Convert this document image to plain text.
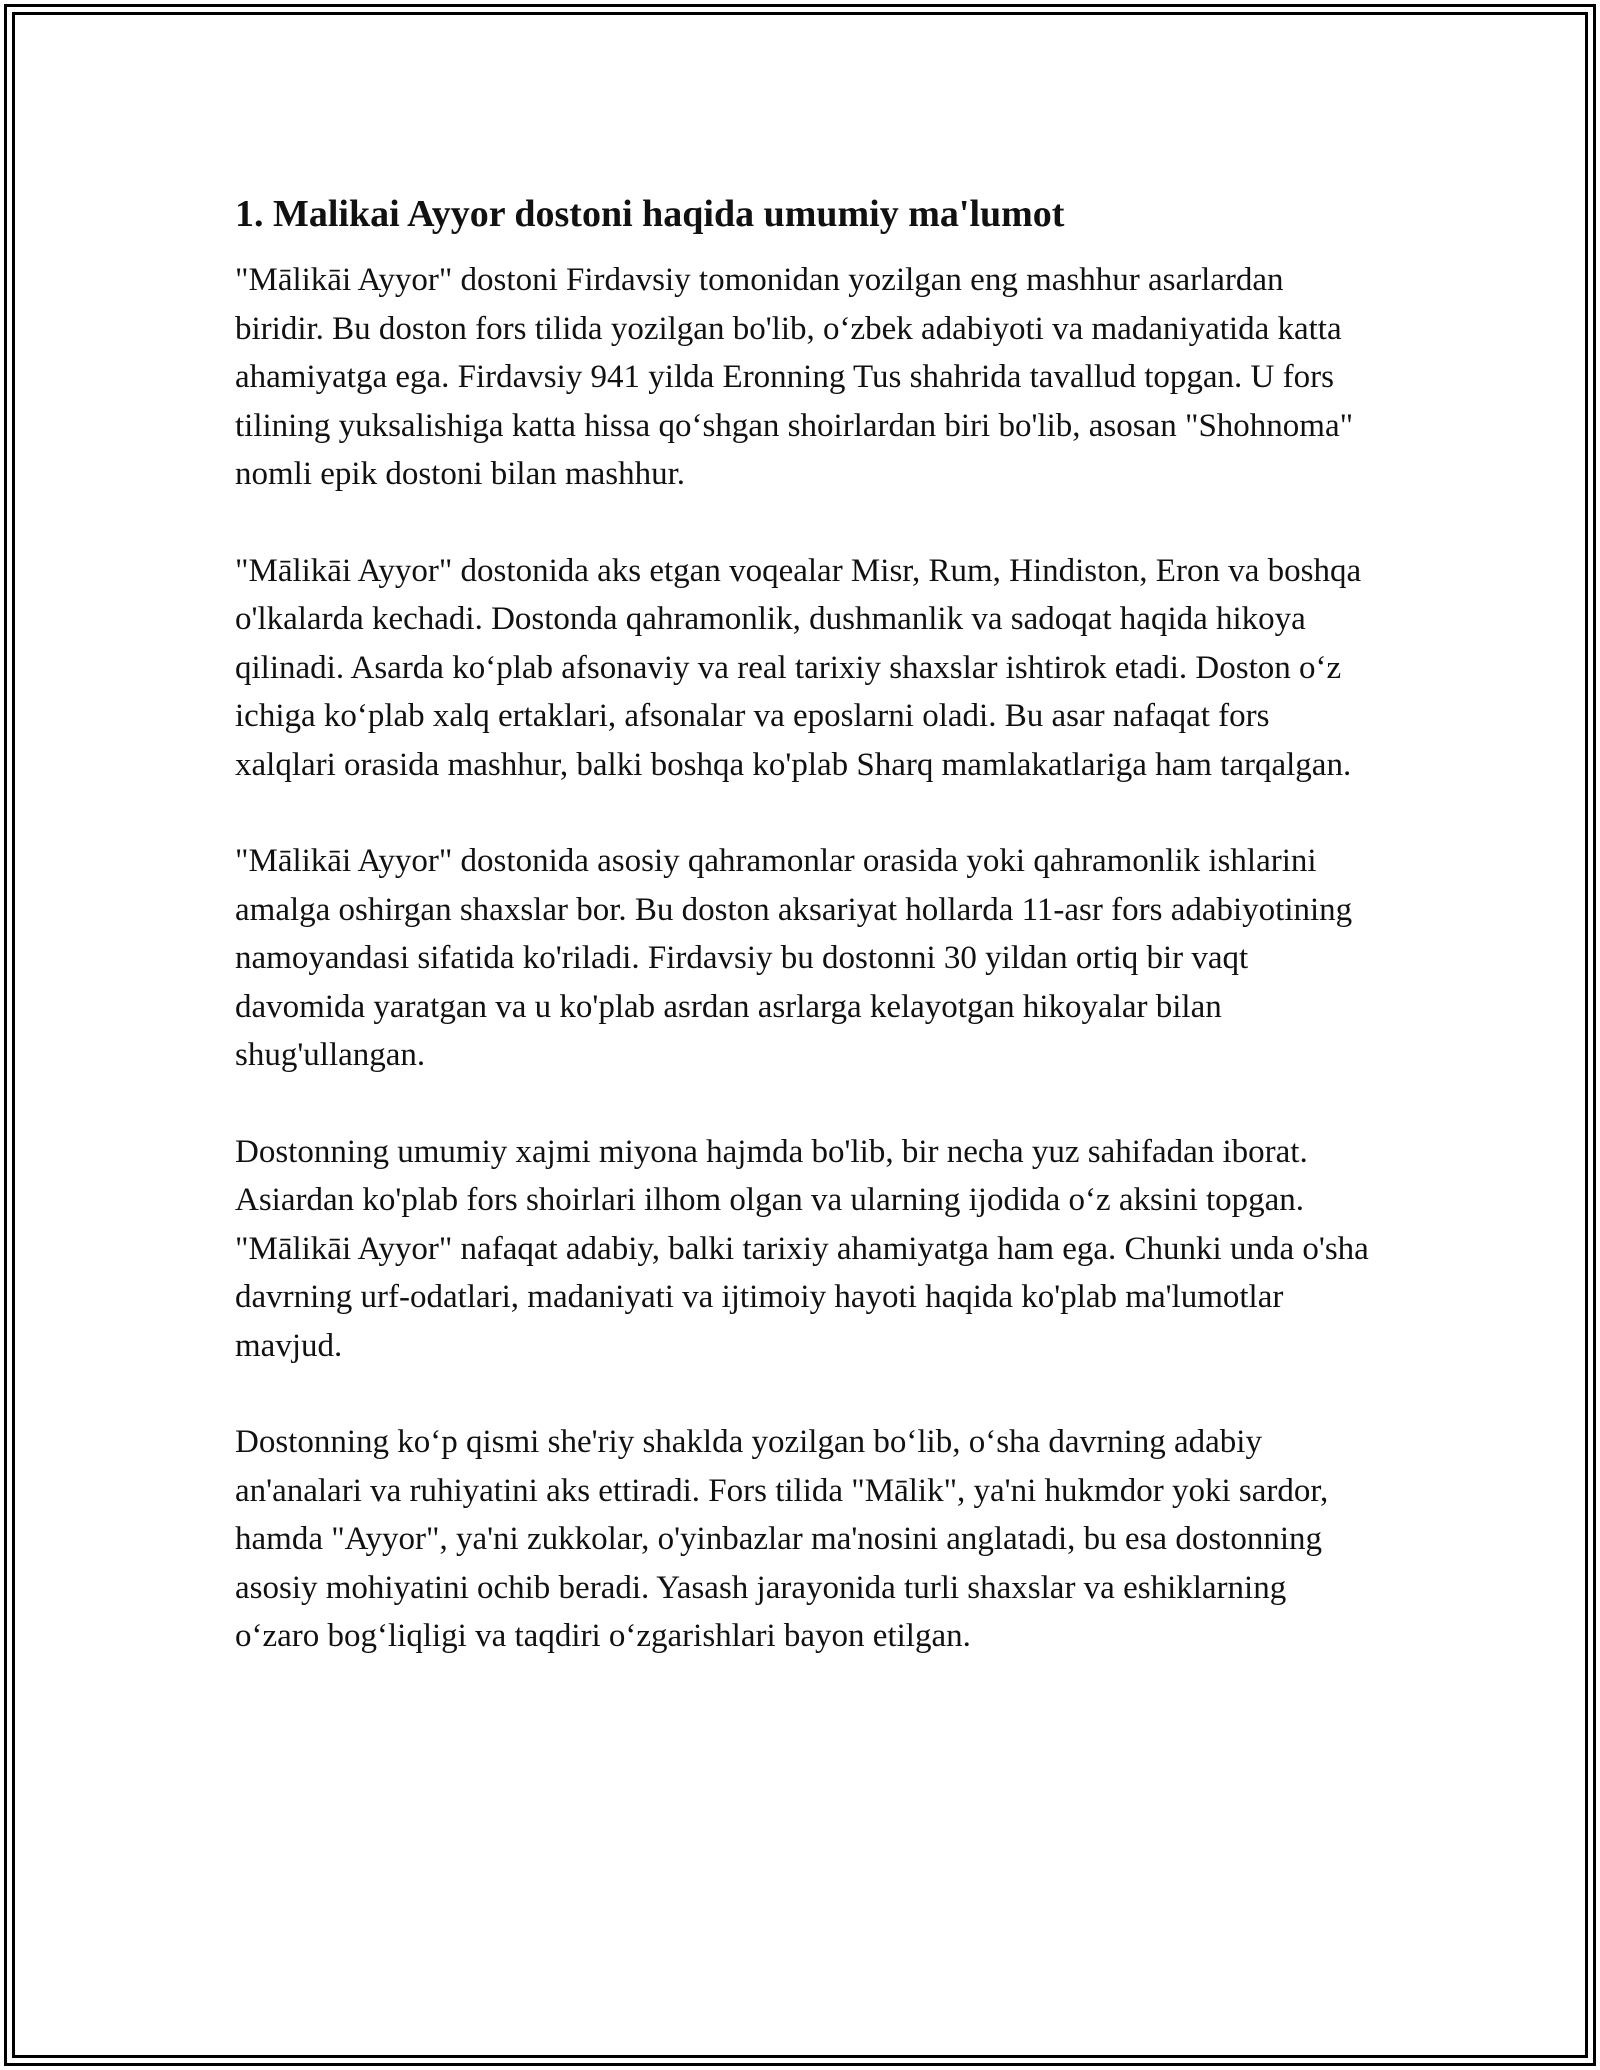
1. Malikai Ayyor dostoni haqida umumiy ma'lumot

"Mālikāi Ayyor" dostoni Firdavsiy tomonidan yozilgan eng mashhur asarlardan biridir. Bu doston fors tilida yozilgan bo'lib, o‘zbek adabiyoti va madaniyatida katta ahamiyatga ega. Firdavsiy 941 yilda Eronning Tus shahrida tavallud topgan. U fors tilining yuksalishiga katta hissa qo‘shgan shoirlardan biri bo'lib, asosan "Shohnoma" nomli epik dostoni bilan mashhur.

"Mālikāi Ayyor" dostonida aks etgan voqealar Misr, Rum, Hindiston, Eron va boshqa o'lkalarda kechadi. Dostonda qahramonlik, dushmanlik va sadoqat haqida hikoya qilinadi. Asarda ko‘plab afsonaviy va real tarixiy shaxslar ishtirok etadi. Doston o‘z ichiga ko‘plab xalq ertaklari, afsonalar va eposlarni oladi. Bu asar nafaqat fors xalqlari orasida mashhur, balki boshqa ko'plab Sharq mamlakatlariga ham tarqalgan.

"Mālikāi Ayyor" dostonida asosiy qahramonlar orasida yoki qahramonlik ishlarini amalga oshirgan shaxslar bor. Bu doston aksariyat hollarda 11-asr fors adabiyotining namoyandasi sifatida ko'riladi. Firdavsiy bu dostonni 30 yildan ortiq bir vaqt davomida yaratgan va u ko'plab asrdan asrlarga kelayotgan hikoyalar bilan shug'ullangan.

Dostonning umumiy xajmi miyona hajmda bo'lib, bir necha yuz sahifadan iborat. Asiardan ko'plab fors shoirlari ilhom olgan va ularning ijodida o‘z aksini topgan. "Mālikāi Ayyor" nafaqat adabiy, balki tarixiy ahamiyatga ham ega. Chunki unda o'sha davrning urf-odatlari, madaniyati va ijtimoiy hayoti haqida ko'plab ma'lumotlar mavjud.

Dostonning ko‘p qismi she'riy shaklda yozilgan bo‘lib, o‘sha davrning adabiy an'analari va ruhiyatini aks ettiradi. Fors tilida "Mālik", ya'ni hukmdor yoki sardor, hamda "Ayyor", ya'ni zukkolar, o'yinbazlar ma'nosini anglatadi, bu esa dostonning asosiy mohiyatini ochib beradi. Yasash jarayonida turli shaxslar va eshiklarning o‘zaro bog‘liqligi va taqdiri o‘zgarishlari bayon etilgan.
